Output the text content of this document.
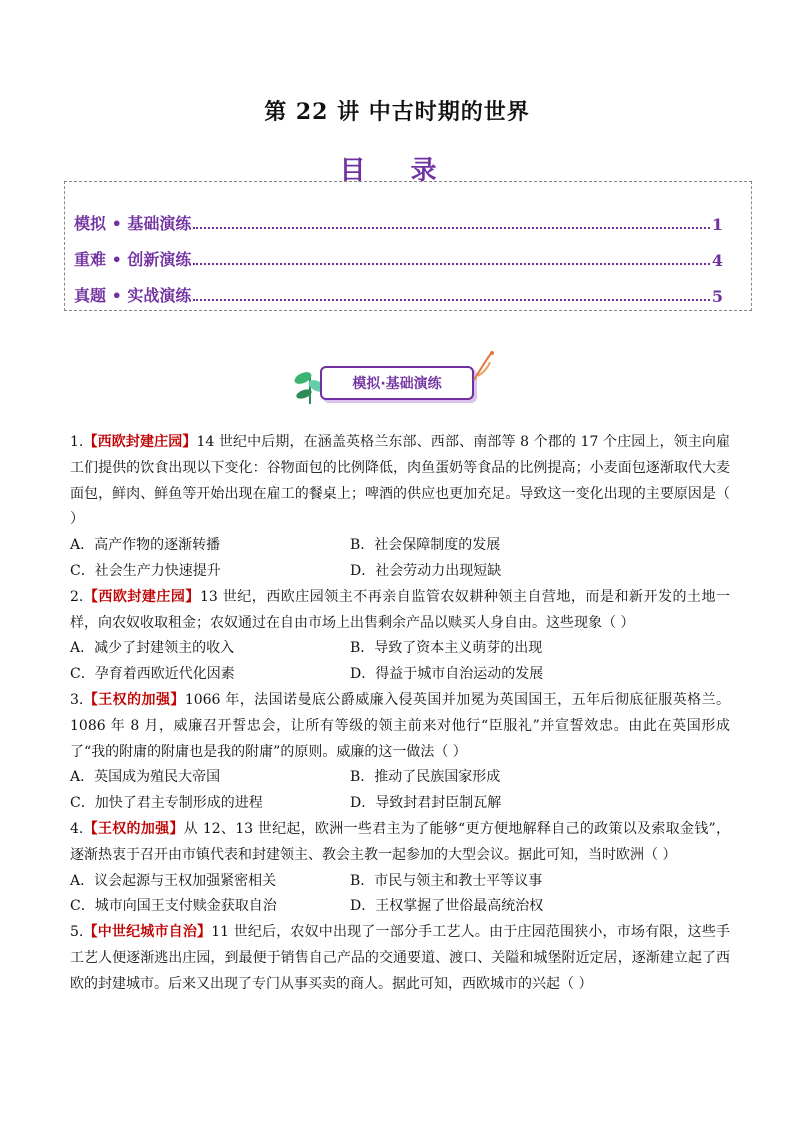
第 22 讲 中古时期的世界
目 录
模拟 • 基础演练	1
重难 • 创新演练	4
真题 • 实战演练	5
模拟·基础演练

1.【西欧封建庄园】14 世纪中后期，在涵盖英格兰东部、西部、南部等 8 个郡的 17 个庄园上，领主向雇工们提供的饮食出现以下变化：谷物面包的比例降低，肉鱼蛋奶等食品的比例提高；小麦面包逐渐取代大麦面包，鲜肉、鲜鱼等开始出现在雇工的餐桌上；啤酒的供应也更加充足。导致这一变化出现的主要原因是（ ）

A．高产作物的逐渐转播	B．社会保障制度的发展
C．社会生产力快速提升	D．社会劳动力出现短缺

2.【西欧封建庄园】13 世纪，西欧庄园领主不再亲自监管农奴耕种领主自营地，而是和新开发的土地一样，向农奴收取租金；农奴通过在自由市场上出售剩余产品以赎买人身自由。这些现象（ ）

A．减少了封建领主的收入	B．导致了资本主义萌芽的出现
C．孕育着西欧近代化因素	D．得益于城市自治运动的发展

3.【王权的加强】1066 年，法国诺曼底公爵威廉入侵英国并加冕为英国国王，五年后彻底征服英格兰。1086 年 8 月，威廉召开誓忠会，让所有等级的领主前来对他行“臣服礼”并宣誓效忠。由此在英国形成了“我的附庸的附庸也是我的附庸”的原则。威廉的这一做法（ ）

A．英国成为殖民大帝国	B．推动了民族国家形成
C．加快了君主专制形成的进程	D．导致封君封臣制瓦解

4.【王权的加强】从 12、13 世纪起，欧洲一些君主为了能够“更方便地解释自己的政策以及索取金钱”，逐渐热衷于召开由市镇代表和封建领主、教会主教一起参加的大型会议。据此可知，当时欧洲（ ）

A．议会起源与王权加强紧密相关	B．市民与领主和教士平等议事
C．城市向国王支付赎金获取自治	D．王权掌握了世俗最高统治权

5.【中世纪城市自治】11 世纪后，农奴中出现了一部分手工艺人。由于庄园范围狭小，市场有限，这些手工艺人便逐渐逃出庄园，到最便于销售自己产品的交通要道、渡口、关隘和城堡附近定居，逐渐建立起了西欧的封建城市。后来又出现了专门从事买卖的商人。据此可知，西欧城市的兴起（ ）
